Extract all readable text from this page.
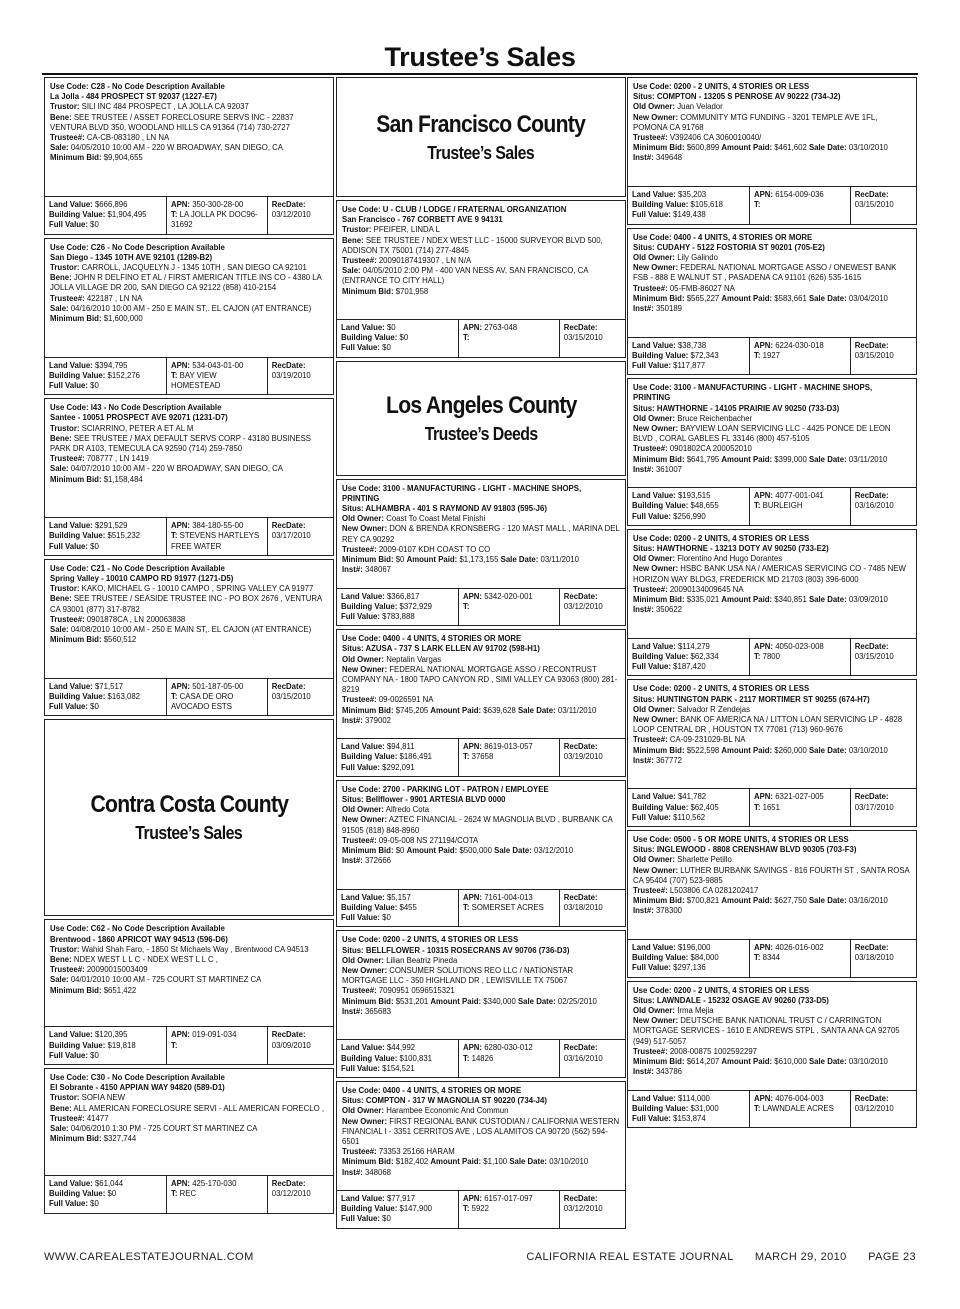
Trustee’s Sales
Use Code: C28 - No Code Description Available
La Jolla - 484 PROSPECT ST 92037 (1227-E7)
Trustor: SILI INC 484 PROSPECT , LA JOLLA CA 92037
Bene: SEE TRUSTEE / ASSET FORECLOSURE SERVS INC - 22837 VENTURA BLVD 350, WOODLAND HILLS CA 91364 (714) 730-2727
Trustee#: CA-CB-083180 , LN NA
Sale: 04/05/2010 10:00 AM - 220 W BROADWAY, SAN DIEGO, CA
Minimum Bid: $9,904,655
Land Value: $666,896
Building Value: $1,904,495
Full Value: $0
APN: 350-300-28-00
T: LA JOLLA PK DOC96-31692
RecDate:
03/12/2010
Use Code: C26 - No Code Description Available
San Diego - 1345 10TH AVE 92101 (1289-B2)
Trustor: CARROLL, JACQUELYN J - 1345 10TH , SAN DIEGO CA 92101
Bene: JOHN R DELFINO ET AL / FIRST AMERICAN TITLE INS CO - 4380 LA JOLLA VILLAGE DR 200, SAN DIEGO CA 92122 (858) 410-2154
Trustee#: 422187 , LN NA
Sale: 04/16/2010 10:00 AM - 250 E MAIN ST,. EL CAJON (AT ENTRANCE)
Minimum Bid: $1,600,000
Land Value: $394,795
Building Value: $152,276
Full Value: $0
APN: 534-043-01-00
T: BAY VIEW HOMESTEAD
RecDate:
03/19/2010
Use Code: I43 - No Code Description Available
Santee - 10051 PROSPECT AVE 92071 (1231-D7)
Trustor: SCIARRINO, PETER A ET AL M
Bene: SEE TRUSTEE / MAX DEFAULT SERVS CORP - 43180 BUSINESS PARK DR A103, TEMECULA CA 92590 (714) 259-7850
Trustee#: 708777 , LN 1419
Sale: 04/07/2010 10:00 AM - 220 W BROADWAY, SAN DIEGO, CA
Minimum Bid: $1,158,484
Land Value: $291,529
Building Value: $515,232
Full Value: $0
APN: 384-180-55-00
T: STEVENS HARTLEYS FREE WATER
RecDate:
03/17/2010
Use Code: C21 - No Code Description Available
Spring Valley - 10010 CAMPO RD 91977 (1271-D5)
Trustor: KAKO, MICHAEL G - 10010 CAMPO , SPRING VALLEY CA 91977
Bene: SEE TRUSTEE / SEASIDE TRUSTEE INC - PO BOX 2676 , VENTURA CA 93001 (877) 317-8782
Trustee#: 0901878CA , LN 200063838
Sale: 04/08/2010 10:00 AM - 250 E MAIN ST,. EL CAJON (AT ENTRANCE)
Minimum Bid: $560,512
Land Value: $71,517
Building Value: $163,082
Full Value: $0
APN: 501-187-05-00
T: CASA DE ORO AVOCADO ESTS
RecDate:
03/15/2010
Contra Costa County
Trustee’s Sales
Use Code: C62 - No Code Description Available
Brentwood - 1860 APRICOT WAY 94513 (596-D6)
Trustor: Wahid Shah Faro, - 1850 St Michaels Way , Brentwood CA 94513
Bene: NDEX WEST L L C - NDEX WEST L L C ,
Trustee#: 20090015003409
Sale: 04/01/2010 10:00 AM - 725 COURT ST MARTINEZ CA
Minimum Bid: $651,422
Land Value: $120,395
Building Value: $19,818
Full Value: $0
APN: 019-091-034
T:
RecDate:
03/09/2010
Use Code: C30 - No Code Description Available
El Sobrante - 4150 APPIAN WAY 94820 (589-D1)
Trustor: SOFIA NEW
Bene: ALL AMERICAN FORECLOSURE SERVI - ALL AMERICAN FORECLO ,
Trustee#: 41477
Sale: 04/06/2010 1:30 PM - 725 COURT ST MARTINEZ CA
Minimum Bid: $327,744
Land Value: $61,044
Building Value: $0
Full Value: $0
APN: 425-170-030
T: REC
RecDate:
03/12/2010
San Francisco County
Trustee’s Sales
Use Code: U - CLUB / LODGE / FRATERNAL ORGANIZATION
San Francisco - 767 CORBETT AVE 9 94131
Trustor: PFEIFER, LINDA L
Bene: SEE TRUSTEE / NDEX WEST LLC - 15000 SURVEYOR BLVD 500, ADDISON TX 75001 (714) 277-4845
Trustee#: 20090187419307 , LN N/A
Sale: 04/05/2010 2:00 PM - 400 VAN NESS AV, SAN FRANCISCO, CA (ENTRANCE TO CITY HALL)
Minimum Bid: $701,958
Land Value: $0
Building Value: $0
Full Value: $0
APN: 2763-048
T:
RecDate:
03/15/2010
Los Angeles County
Trustee’s Deeds
Use Code: 3100 - MANUFACTURING - LIGHT - MACHINE SHOPS, PRINTING
Situs: ALHAMBRA - 401 S RAYMOND AV 91803 (595-J6)
Old Owner: Coast To Coast Metal Finishi
New Owner: DON & BRENDA KRONSBERG - 120 MAST MALL , MARINA DEL REY CA 90292
Trustee#: 2009-0107 KDH COAST TO CO
Minimum Bid: $0 Amount Paid: $1,173,155 Sale Date: 03/11/2010
Inst#: 348067
Land Value: $366,817
Building Value: $372,929
Full Value: $783,888
APN: 5342-020-001
T:
RecDate:
03/12/2010
Use Code: 0400 - 4 UNITS, 4 STORIES OR MORE
Situs: AZUSA - 737 S LARK ELLEN AV 91702 (598-H1)
Old Owner: Neptalin Vargas
New Owner: FEDERAL NATIONAL MORTGAGE ASSO / RECONTRUST COMPANY NA - 1800 TAPO CANYON RD , SIMI VALLEY CA 93063 (800) 281-8219
Trustee#: 09-0026591 NA
Minimum Bid: $745,205 Amount Paid: $639,628 Sale Date: 03/11/2010
Inst#: 379002
Land Value: $94,811
Building Value: $186,491
Full Value: $292,091
APN: 8619-013-057
T: 37658
RecDate:
03/19/2010
Use Code: 2700 - PARKING LOT - PATRON / EMPLOYEE
Situs: Bellflower - 9901 ARTESIA BLVD 0000
Old Owner: Alfredo Cota
New Owner: AZTEC FINANCIAL - 2624 W MAGNOLIA BLVD , BURBANK CA 91505 (818) 848-8960
Trustee#: 09-05-008 NS 271194/COTA
Minimum Bid: $0 Amount Paid: $500,000 Sale Date: 03/12/2010
Inst#: 372666
Land Value: $5,157
Building Value: $455
Full Value: $0
APN: 7161-004-013
T: SOMERSET ACRES
RecDate:
03/18/2010
Use Code: 0200 - 2 UNITS, 4 STORIES OR LESS
Situs: BELLFLOWER - 10315 ROSECRANS AV 90706 (736-D3)
Old Owner: Lilian Beatriz Pineda
New Owner: CONSUMER SOLUTIONS REO LLC / NATIONSTAR MORTGAGE LLC - 350 HIGHLAND DR , LEWISVILLE TX 75067
Trustee#: 7090951 0596515321
Minimum Bid: $531,201 Amount Paid: $340,000 Sale Date: 02/25/2010
Inst#: 365683
Land Value: $44,992
Building Value: $100,831
Full Value: $154,521
APN: 6280-030-012
T: 14826
RecDate:
03/16/2010
Use Code: 0400 - 4 UNITS, 4 STORIES OR MORE
Situs: COMPTON - 317 W MAGNOLIA ST 90220 (734-J4)
Old Owner: Harambee Economic And Commun
New Owner: FIRST REGIONAL BANK CUSTODIAN / CALIFORNIA WESTERN FINANCIAL I - 3351 CERRITOS AVE , LOS ALAMITOS CA 90720 (562) 594-6501
Trustee#: 73353 25166 HARAM
Minimum Bid: $182,402 Amount Paid: $1,100 Sale Date: 03/10/2010
Inst#: 348068
Land Value: $77,917
Building Value: $147,900
Full Value: $0
APN: 6157-017-097
T: 5922
RecDate:
03/12/2010
Use Code: 0200 - 2 UNITS, 4 STORIES OR LESS
Situs: COMPTON - 13205 S PENROSE AV 90222 (734-J2)
Old Owner: Juan Velador
New Owner: COMMUNITY MTG FUNDING - 3201 TEMPLE AVE 1FL, POMONA CA 91768
Trustee#: V392406 CA 3060010040/
Minimum Bid: $600,899 Amount Paid: $461,602 Sale Date: 03/10/2010
Inst#: 349648
Land Value: $35,203
Building Value: $105,618
Full Value: $149,438
APN: 6154-009-036
T:
RecDate:
03/15/2010
Use Code: 0400 - 4 UNITS, 4 STORIES OR MORE
Situs: CUDAHY - 5122 FOSTORIA ST 90201 (705-E2)
Old Owner: Lily Galindo
New Owner: FEDERAL NATIONAL MORTGAGE ASSO / ONEWEST BANK FSB - 888 E WALNUT ST , PASADENA CA 91101 (626) 535-1615
Trustee#: 05-FMB-86027 NA
Minimum Bid: $565,227 Amount Paid: $583,661 Sale Date: 03/04/2010
Inst#: 350189
Land Value: $38,738
Building Value: $72,343
Full Value: $117,877
APN: 6224-030-018
T: 1927
RecDate:
03/15/2010
Use Code: 3100 - MANUFACTURING - LIGHT - MACHINE SHOPS, PRINTING
Situs: HAWTHORNE - 14105 PRAIRIE AV 90250 (733-D3)
Old Owner: Bruce Reichenbacher
New Owner: BAYVIEW LOAN SERVICING LLC - 4425 PONCE DE LEON BLVD , CORAL GABLES FL 33146 (800) 457-5105
Trustee#: 0901802CA 200052010
Minimum Bid: $641,795 Amount Paid: $399,000 Sale Date: 03/11/2010
Inst#: 361007
Land Value: $193,515
Building Value: $48,655
Full Value: $256,990
APN: 4077-001-041
T: BURLEIGH
RecDate:
03/16/2010
Use Code: 0200 - 2 UNITS, 4 STORIES OR LESS
Situs: HAWTHORNE - 13213 DOTY AV 90250 (733-E2)
Old Owner: Florentino And Hugo Dorantes
New Owner: HSBC BANK USA NA / AMERICAS SERVICING CO - 7485 NEW HORIZON WAY BLDG3, FREDERICK MD 21703 (803) 396-6000
Trustee#: 20090134009645 NA
Minimum Bid: $335,021 Amount Paid: $340,851 Sale Date: 03/09/2010
Inst#: 350622
Land Value: $114,279
Building Value: $62,334
Full Value: $187,420
APN: 4050-023-008
T: 7800
RecDate:
03/15/2010
Use Code: 0200 - 2 UNITS, 4 STORIES OR LESS
Situs: HUNTINGTON PARK - 2117 MORTIMER ST 90255 (674-H7)
Old Owner: Salvador R Zendejas
New Owner: BANK OF AMERICA NA / LITTON LOAN SERVICING LP - 4828 LOOP CENTRAL DR , HOUSTON TX 77081 (713) 960-9676
Trustee#: CA-09-231029-BL NA
Minimum Bid: $522,598 Amount Paid: $260,000 Sale Date: 03/10/2010
Inst#: 367772
Land Value: $41,782
Building Value: $62,405
Full Value: $110,562
APN: 6321-027-005
T: 1651
RecDate:
03/17/2010
Use Code: 0500 - 5 OR MORE UNITS, 4 STORIES OR LESS
Situs: INGLEWOOD - 8808 CRENSHAW BLVD 90305 (703-F3)
Old Owner: Sharlette Petillo
New Owner: LUTHER BURBANK SAVINGS - 816 FOURTH ST , SANTA ROSA CA 95404 (707) 523-9885
Trustee#: L503806 CA 0281202417
Minimum Bid: $700,821 Amount Paid: $627,750 Sale Date: 03/16/2010
Inst#: 378300
Land Value: $196,000
Building Value: $84,000
Full Value: $297,136
APN: 4026-016-002
T: 8344
RecDate:
03/18/2010
Use Code: 0200 - 2 UNITS, 4 STORIES OR LESS
Situs: LAWNDALE - 15232 OSAGE AV 90260 (733-D5)
Old Owner: Irma Mejia
New Owner: DEUTSCHE BANK NATIONAL TRUST C / CARRINGTON MORTGAGE SERVICES - 1610 E ANDREWS STPL , SANTA ANA CA 92705 (949) 517-5057
Trustee#: 2008-00875 1002592297
Minimum Bid: $614,207 Amount Paid: $610,000 Sale Date: 03/10/2010
Inst#: 343786
Land Value: $114,000
Building Value: $31,000
Full Value: $153,874
APN: 4076-004-003
T: LAWNDALE ACRES
RecDate:
03/12/2010
WWW.CAREALESTATEJOURNAL.COM	CALIFORNIA REAL ESTATE JOURNAL MARCH 29, 2010 PAGE 23
